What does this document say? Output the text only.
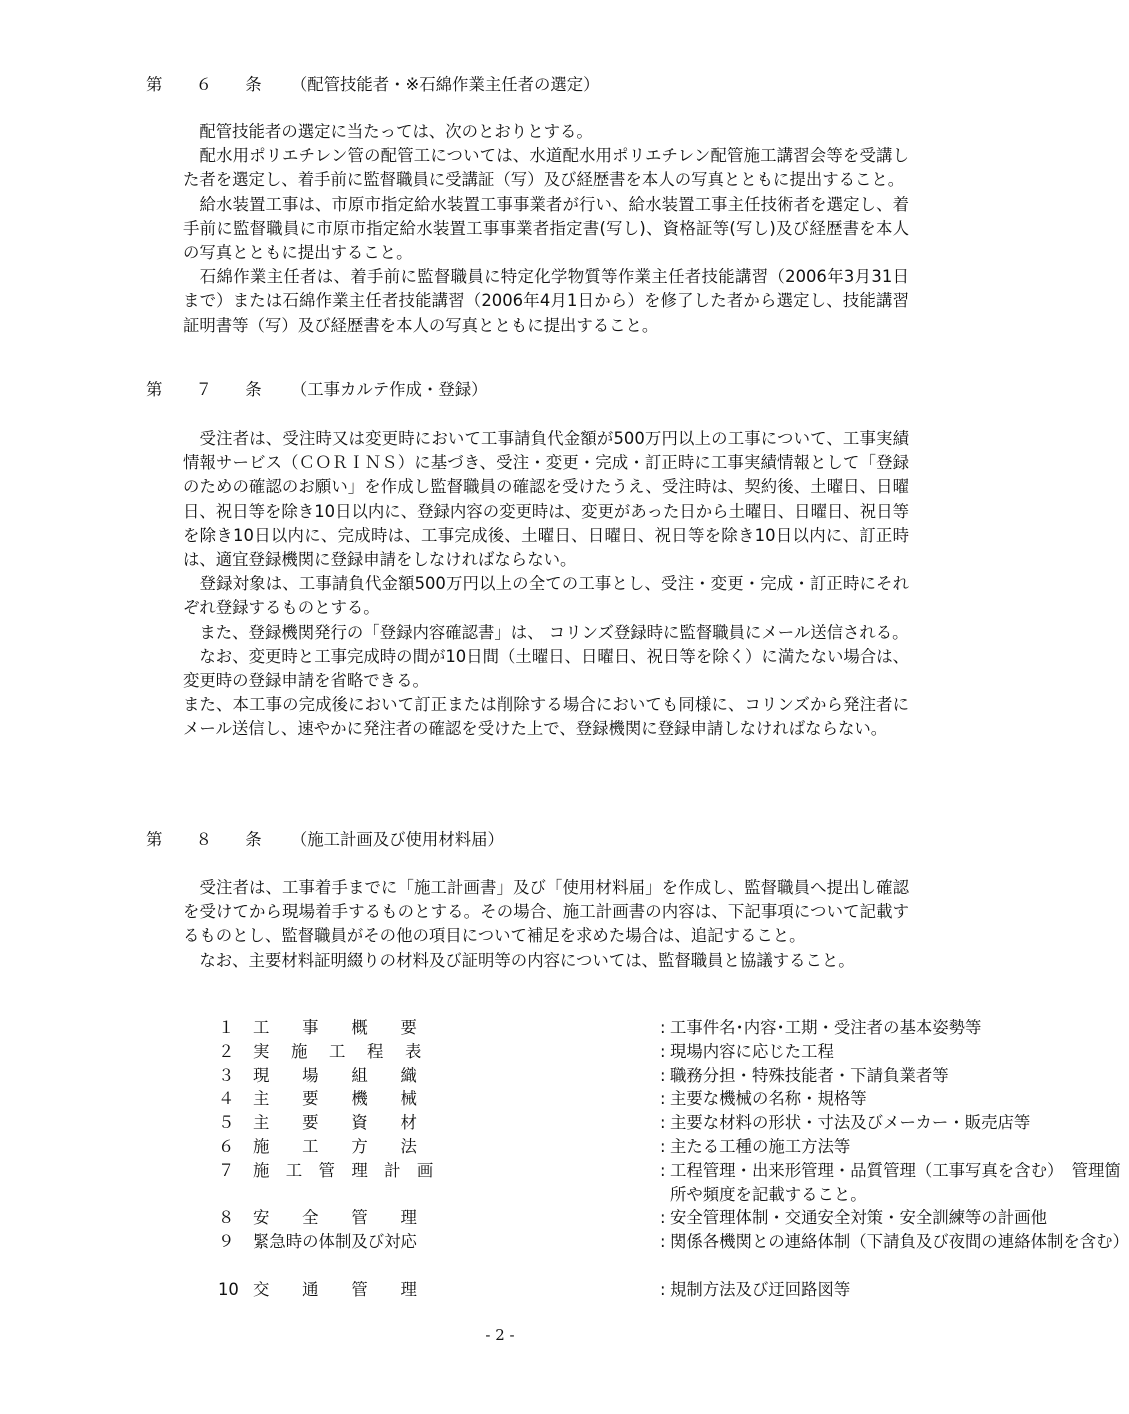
第 ６ 条 （配管技能者・※石綿作業主任者の選定）

　配管技能者の選定に当たっては、次のとおりとする。

　配水用ポリエチレン管の配管工については、水道配水用ポリエチレン配管施工講習会等を受講した者を選定し、着手前に監督職員に受講証（写）及び経歴書を本人の写真とともに提出すること。

　給水装置工事は、市原市指定給水装置工事事業者が行い、給水装置工事主任技術者を選定し、着手前に監督職員に市原市指定給水装置工事事業者指定書(写し)、資格証等(写し)及び経歴書を本人の写真とともに提出すること。

　石綿作業主任者は、着手前に監督職員に特定化学物質等作業主任者技能講習（2006年3月31日まで）または石綿作業主任者技能講習（2006年4月1日から）を修了した者から選定し、技能講習証明書等（写）及び経歴書を本人の写真とともに提出すること。

第 ７ 条 （工事カルテ作成・登録）

　受注者は、受注時又は変更時において工事請負代金額が500万円以上の工事について、工事実績情報サービス（ＣＯＲＩＮＳ）に基づき、受注・変更・完成・訂正時に工事実績情報として「登録のための確認のお願い」を作成し監督職員の確認を受けたうえ、受注時は、契約後、土曜日、日曜日、祝日等を除き10日以内に、登録内容の変更時は、変更があった日から土曜日、日曜日、祝日等を除き10日以内に、完成時は、工事完成後、土曜日、日曜日、祝日等を除き10日以内に、訂正時は、適宜登録機関に登録申請をしなければならない。

　登録対象は、工事請負代金額500万円以上の全ての工事とし、受注・変更・完成・訂正時にそれぞれ登録するものとする。

　また、登録機関発行の「登録内容確認書」は、 コリンズ登録時に監督職員にメール送信される。

　なお、変更時と工事完成時の間が10日間（土曜日、日曜日、祝日等を除く）に満たない場合は、変更時の登録申請を省略できる。

また、本工事の完成後において訂正または削除する場合においても同様に、コリンズから発注者にメール送信し、速やかに発注者の確認を受けた上で、登録機関に登録申請しなければならない。

第 ８ 条 （施工計画及び使用材料届）

　受注者は、工事着手までに「施工計画書」及び「使用材料届」を作成し、監督職員へ提出し確認を受けてから現場着手するものとする。その場合、施工計画書の内容は、下記事項について記載するものとし、監督職員がその他の項目について補足を求めた場合は、追記すること。

　なお、主要材料証明綴りの材料及び証明等の内容については、監督職員と協議すること。

１	工　　事　　概　　要	: 工事件名･内容･工期・受注者の基本姿勢等
２	実　 施　 工　 程　 表	: 現場内容に応じた工程
３	現　　場　　組　　織	: 職務分担・特殊技能者・下請負業者等
４	主　　要　　機　　械	: 主要な機械の名称・規格等
５	主　　要　　資　　材	: 主要な材料の形状・寸法及びメーカー・販売店等
６	施　　工　　方　　法	: 主たる工種の施工方法等
７	施　工　管　理　計　画	: 工程管理・出来形管理・品質管理（工事写真を含む）　管理箇所や頻度を記載すること。
８	安　　全　　管　　理	: 安全管理体制・交通安全対策・安全訓練等の計画他
９	緊急時の体制及び対応	: 関係各機関との連絡体制（下請負及び夜間の連絡体制を含む）
10 交　　通　　管　　理	: 規制方法及び迂回路図等
- 2 -
